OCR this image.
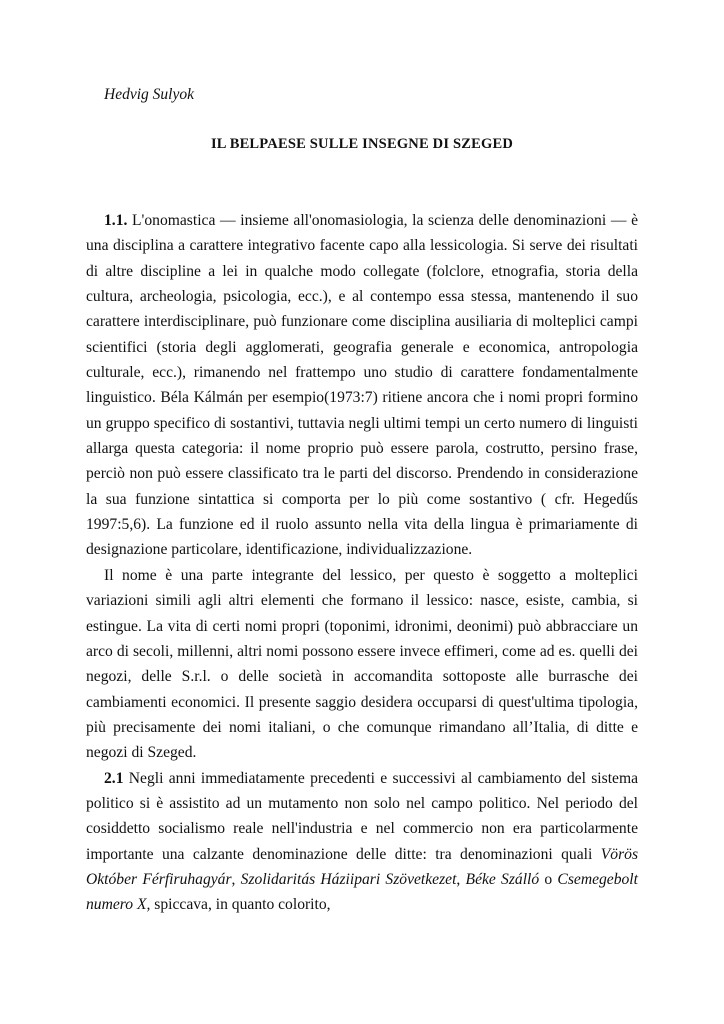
Hedvig Sulyok

IL BELPAESE SULLE INSEGNE DI SZEGED

1.1. L'onomastica — insieme all'onomasiologia, la scienza delle denominazioni — è una disciplina a carattere integrativo facente capo alla lessicologia. Si serve dei risultati di altre discipline a lei in qualche modo collegate (folclore, etnografia, storia della cultura, archeologia, psicologia, ecc.), e al contempo essa stessa, mantenendo il suo carattere interdisciplinare, può funzionare come disciplina ausiliaria di molteplici campi scientifici (storia degli agglomerati, geografia generale e economica, antropologia culturale, ecc.), rimanendo nel frattempo uno studio di carattere fondamentalmente linguistico. Béla Kálmán per esempio(1973:7) ritiene ancora che i nomi propri formino un gruppo specifico di sostantivi, tuttavia negli ultimi tempi un certo numero di linguisti allarga questa categoria: il nome proprio può essere parola, costrutto, persino frase, perciò non può essere classificato tra le parti del discorso. Prendendo in considerazione la sua funzione sintattica si comporta per lo più come sostantivo ( cfr. Hegedűs 1997:5,6). La funzione ed il ruolo assunto nella vita della lingua è primariamente di designazione particolare, identificazione, individualizzazione.

Il nome è una parte integrante del lessico, per questo è soggetto a molteplici variazioni simili agli altri elementi che formano il lessico: nasce, esiste, cambia, si estingue. La vita di certi nomi propri (toponimi, idronimi, deonimi) può abbracciare un arco di secoli, millenni, altri nomi possono essere invece effimeri, come ad es. quelli dei negozi, delle S.r.l. o delle società in accomandita sottoposte alle burrasche dei cambiamenti economici. Il presente saggio desidera occuparsi di quest'ultima tipologia, più precisamente dei nomi italiani, o che comunque rimandano all’Italia, di ditte e negozi di Szeged.

2.1 Negli anni immediatamente precedenti e successivi al cambiamento del sistema politico si è assistito ad un mutamento non solo nel campo politico. Nel periodo del cosiddetto socialismo reale nell'industria e nel commercio non era particolarmente importante una calzante denominazione delle ditte: tra denominazioni quali Vörös Október Férfiruhagyár, Szolidaritás Háziipari Szövetkezet, Béke Szálló o Csemegebolt numero X, spiccava, in quanto colorito,
